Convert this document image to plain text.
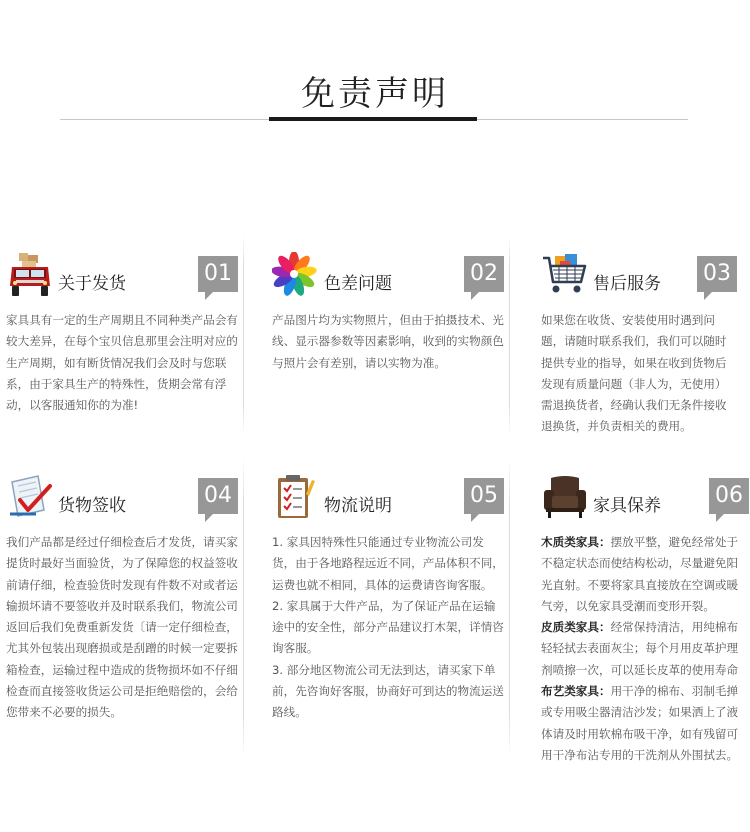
免责声明
关于发货	01
家具具有一定的生产周期且不同种类产品会有较大差异，在每个宝贝信息那里会注明对应的生产周期，如有断货情况我们会及时与您联系，由于家具生产的特殊性，货期会常有浮动，以客服通知你的为准!
色差问题	02
产品图片均为实物照片，但由于拍摄技术、光线、显示器参数等因素影响，收到的实物颜色与照片会有差别，请以实物为准。
售后服务 03
如果您在收货、安装使用时遇到问题，请随时联系我们，我们可以随时提供专业的指导，如果在收到货物后发现有质量问题（非人为，无使用）需退换货者，经确认我们无条件接收退换货，并负责相关的费用。
货物签收	04
我们产品都是经过仔细检查后才发货，请买家提货时最好当面验货，为了保障您的权益签收前请仔细，检查验货时发现有件数不对或者运输损坏请不要签收并及时联系我们，物流公司返回后我们免费重新发货〔请一定仔细检查，尤其外包装出现磨损或是刮蹭的时候一定要拆箱检查，运输过程中造成的货物损坏如不仔细检查而直接签收货运公司是拒绝赔偿的，会给您带来不必要的损失。
物流说明	05

1. 家具因特殊性只能通过专业物流公司发货，由于各地路程远近不同，产品体积不同，运费也就不相同，具体的运费请咨询客服。

2. 家具属于大件产品，为了保证产品在运输途中的安全性，部分产品建议打木架，详情咨询客服。

3. 部分地区物流公司无法到达，请买家下单前，先咨询好客服，协商好可到达的物流运送路线。

家具保养 06

木质类家具：摆放平整，避免经常处于不稳定状态而使结构松动，尽量避免阳光直射。不要将家具直接放在空调或暖气旁，以免家具受潮而变形开裂。

皮质类家具：经常保持清洁，用纯棉布轻轻拭去表面灰尘；每个月用皮革护理剂喷擦一次，可以延长皮革的使用寿命

布艺类家具：用干净的棉布、羽制毛掸或专用吸尘器清洁沙发；如果洒上了液体请及时用软棉布吸干净，如有残留可用干净布沾专用的干洗剂从外围拭去。
